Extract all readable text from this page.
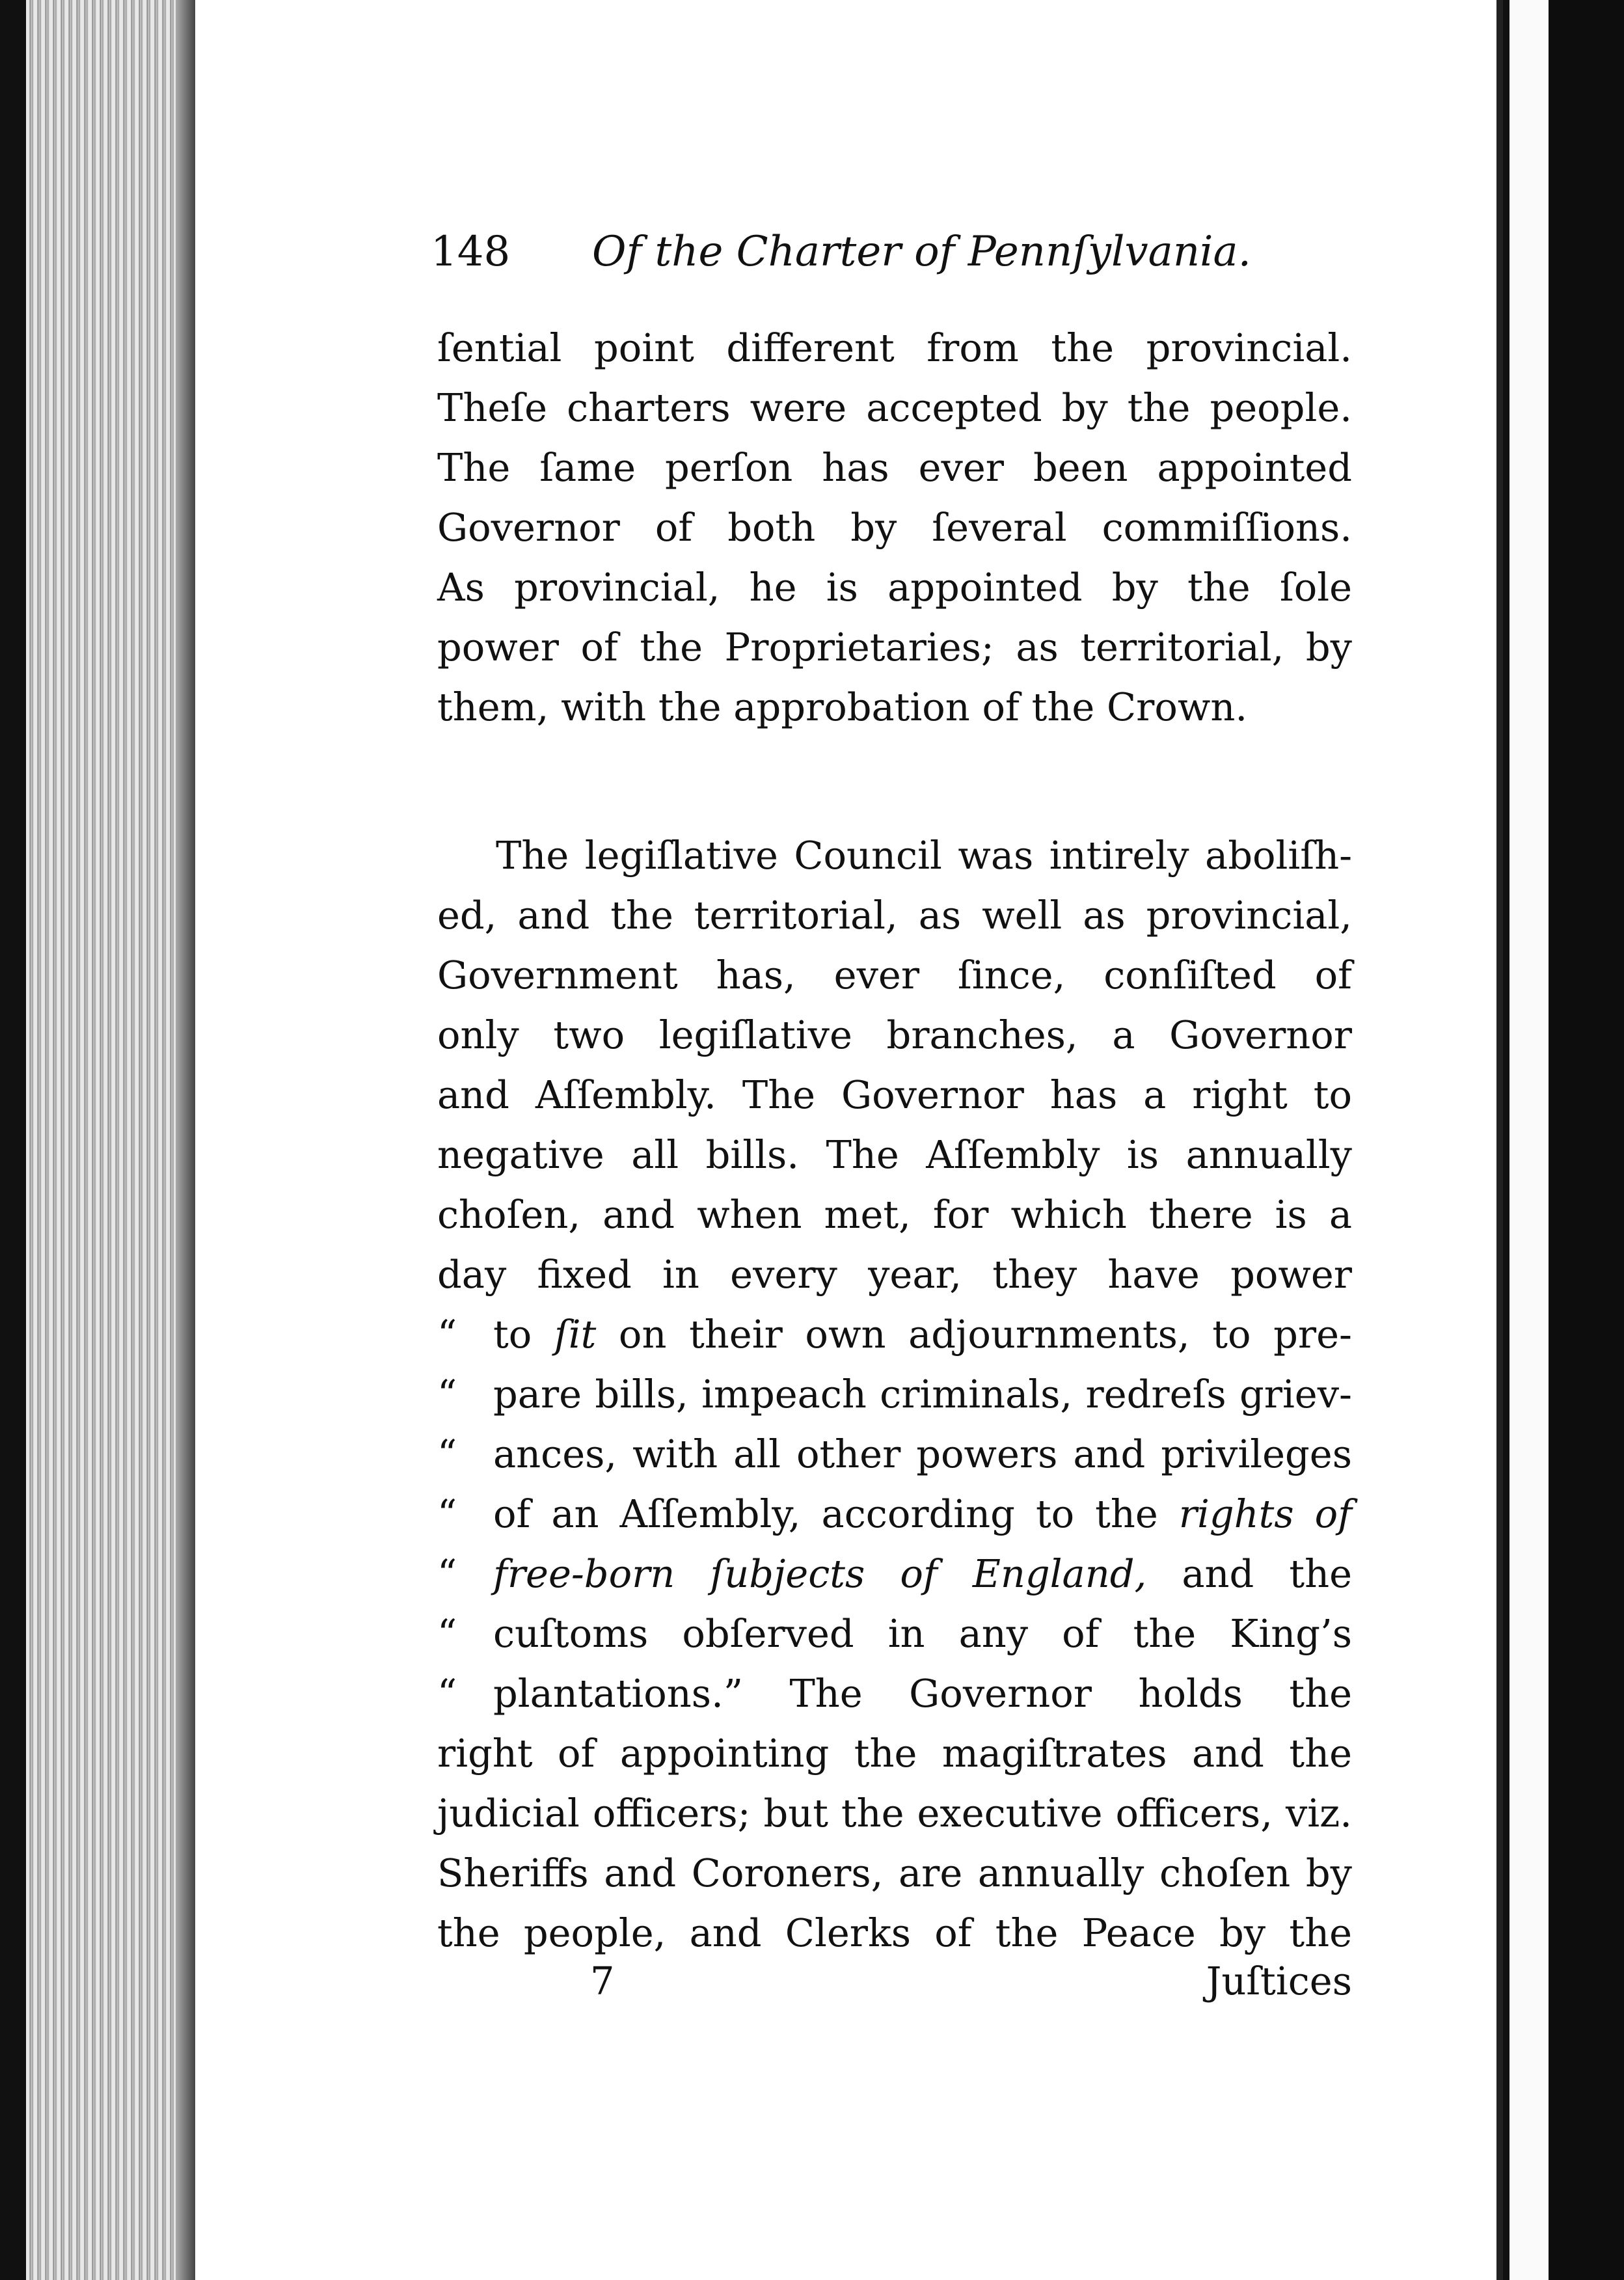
148 Of the Charter of Pennſylvania.
ſential point different from the provincial.
Theſe charters were accepted by the people.
The ſame perſon has ever been appointed
Governor of both by ſeveral commiſſions.
As provincial, he is appointed by the ſole
power of the Proprietaries; as territorial, by
them, with the approbation of the Crown.
The legiſlative Council was intirely aboliſh-
ed, and the territorial, as well as provincial,
Government has, ever ſince, conſiſted of
only two legiſlative branches, a Governor
and Aſſembly. The Governor has a right to
negative all bills. The Aſſembly is annually
choſen, and when met, for which there is a
day fixed in every year, they have power
“ to ſit on their own adjournments, to pre-
“ pare bills, impeach criminals, redreſs griev-
“ ances, with all other powers and privileges
“ of an Aſſembly, according to the rights of
“ free-born ſubjects of England, and the
“ cuſtoms obſerved in any of the King’s
“ plantations.” The Governor holds the
right of appointing the magiſtrates and the
judicial officers; but the executive officers, viz.
Sheriffs and Coroners, are annually choſen by
the people, and Clerks of the Peace by the
7	Juſtices
